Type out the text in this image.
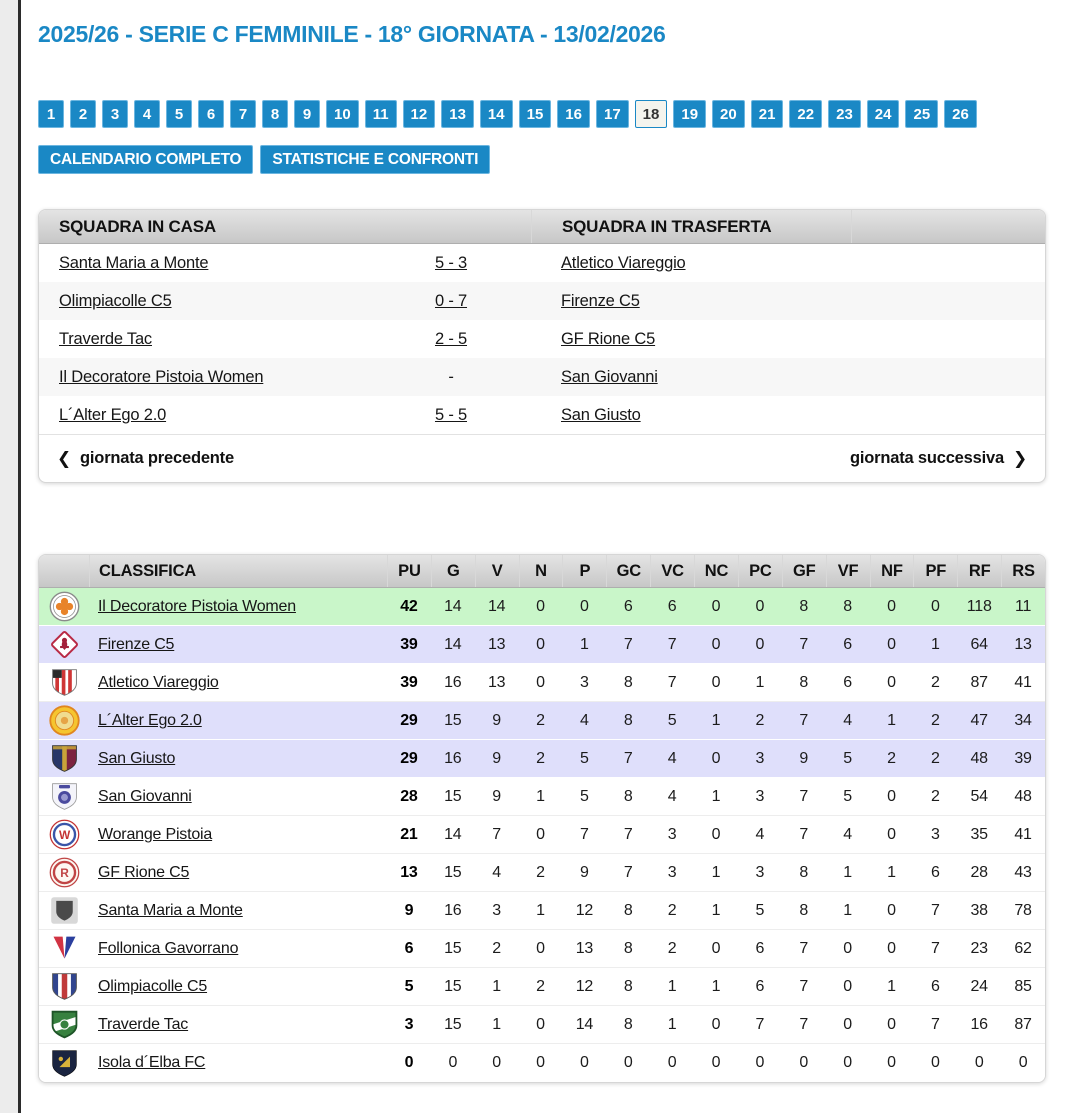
2025/26 - SERIE C FEMMINILE - 18° GIORNATA - 13/02/2026
1	2	3	4	5	6	7	8	9	10	11	12	13	14	15	16	17	18	19	20	21	22	23	24	25	26
CALENDARIO COMPLETO	STATISTICHE E CONFRONTI
SQUADRA IN CASA	SQUADRA IN TRASFERTA
Santa Maria a Monte	5 - 3	Atletico Viareggio
Olimpiacolle C5	0 - 7	Firenze C5
Traverde Tac	2 - 5	GF Rione C5
Il Decoratore Pistoia Women	-	San Giovanni
L´Alter Ego 2.0	5 - 5	San Giusto
❮ giornata precedente	giornata successiva ❯
CLASSIFICA	PU	G	V	N	P	GC	VC	NC	PC	GF	VF	NF	PF	RF	RS
Il Decoratore Pistoia Women	42	14	14	0	0	6	6	0	0	8	8	0	0	118	11
Firenze C5	39	14	13	0	1	7	7	0	0	7	6	0	1	64	13
Atletico Viareggio	39	16	13	0	3	8	7	0	1	8	6	0	2	87	41
L´Alter Ego 2.0	29	15	9	2	4	8	5	1	2	7	4	1	2	47	34
San Giusto	29	16	9	2	5	7	4	0	3	9	5	2	2	48	39
San Giovanni	28	15	9	1	5	8	4	1	3	7	5	0	2	54	48
W	Worange Pistoia	21	14	7	0	7	7	3	0	4	7	4	0	3	35	41
R	GF Rione C5	13	15	4	2	9	7	3	1	3	8	1	1	6	28	43
Santa Maria a Monte	9	16	3	1	12	8	2	1	5	8	1	0	7	38	78
Follonica Gavorrano	6	15	2	0	13	8	2	0	6	7	0	0	7	23	62
Olimpiacolle C5	5	15	1	2	12	8	1	1	6	7	0	1	6	24	85
Traverde Tac	3	15	1	0	14	8	1	0	7	7	0	0	7	16	87
Isola d´Elba FC	0	0	0	0	0	0	0	0	0	0	0	0	0	0	0
